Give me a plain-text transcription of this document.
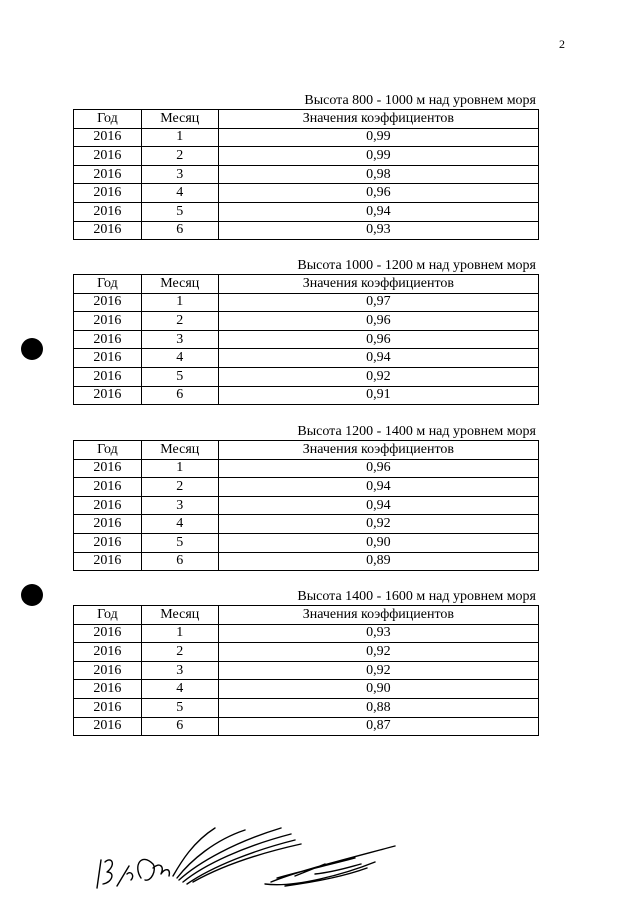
2
Высота 800 - 1000 м над уровнем моря
Год	Месяц	Значения коэффициентов
2016	1	0,99
2016	2	0,99
2016	3	0,98
2016	4	0,96
2016	5	0,94
2016	6	0,93
Высота 1000 - 1200 м над уровнем моря
Год	Месяц	Значения коэффициентов
2016	1	0,97
2016	2	0,96
2016	3	0,96
2016	4	0,94
2016	5	0,92
2016	6	0,91
Высота 1200 - 1400 м над уровнем моря
Год	Месяц	Значения коэффициентов
2016	1	0,96
2016	2	0,94
2016	3	0,94
2016	4	0,92
2016	5	0,90
2016	6	0,89
Высота 1400 - 1600 м над уровнем моря
Год	Месяц	Значения коэффициентов
2016	1	0,93
2016	2	0,92
2016	3	0,92
2016	4	0,90
2016	5	0,88
2016	6	0,87
